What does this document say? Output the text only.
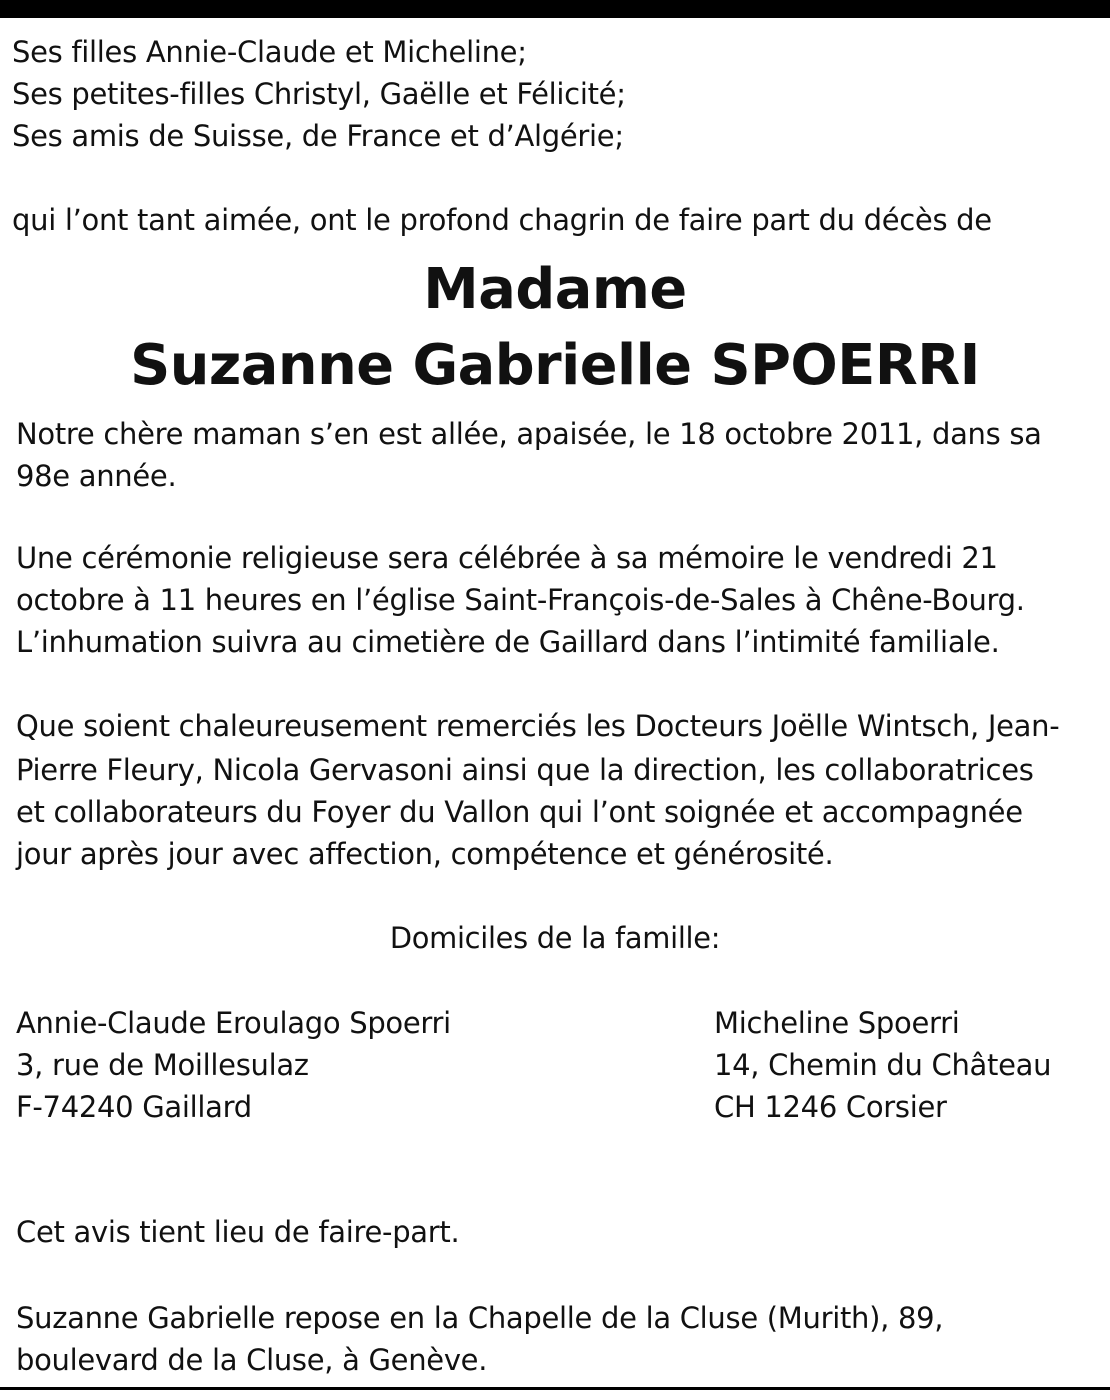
Ses filles Annie-Claude et Micheline;
Ses petites-filles Christyl, Gaëlle et Félicité;
Ses amis de Suisse, de France et d’Algérie;
qui l’ont tant aimée, ont le profond chagrin de faire part du décès de
Madame
Suzanne Gabrielle SPOERRI
Notre chère maman s’en est allée, apaisée, le 18 octobre 2011, dans sa
98e année.
Une cérémonie religieuse sera célébrée à sa mémoire le vendredi 21
octobre à 11 heures en l’église Saint-François-de-Sales à Chêne-Bourg.
L’inhumation suivra au cimetière de Gaillard dans l’intimité familiale.
Que soient chaleureusement remerciés les Docteurs Joëlle Wintsch, Jean-
Pierre Fleury, Nicola Gervasoni ainsi que la direction, les collaboratrices
et collaborateurs du Foyer du Vallon qui l’ont soignée et accompagnée
jour après jour avec affection, compétence et générosité.
Domiciles de la famille:
Annie-Claude Eroulago Spoerri
3, rue de Moillesulaz
F-74240 Gaillard
Micheline Spoerri
14, Chemin du Château
CH 1246 Corsier
Cet avis tient lieu de faire-part.
Suzanne Gabrielle repose en la Chapelle de la Cluse (Murith), 89,
boulevard de la Cluse, à Genève.
